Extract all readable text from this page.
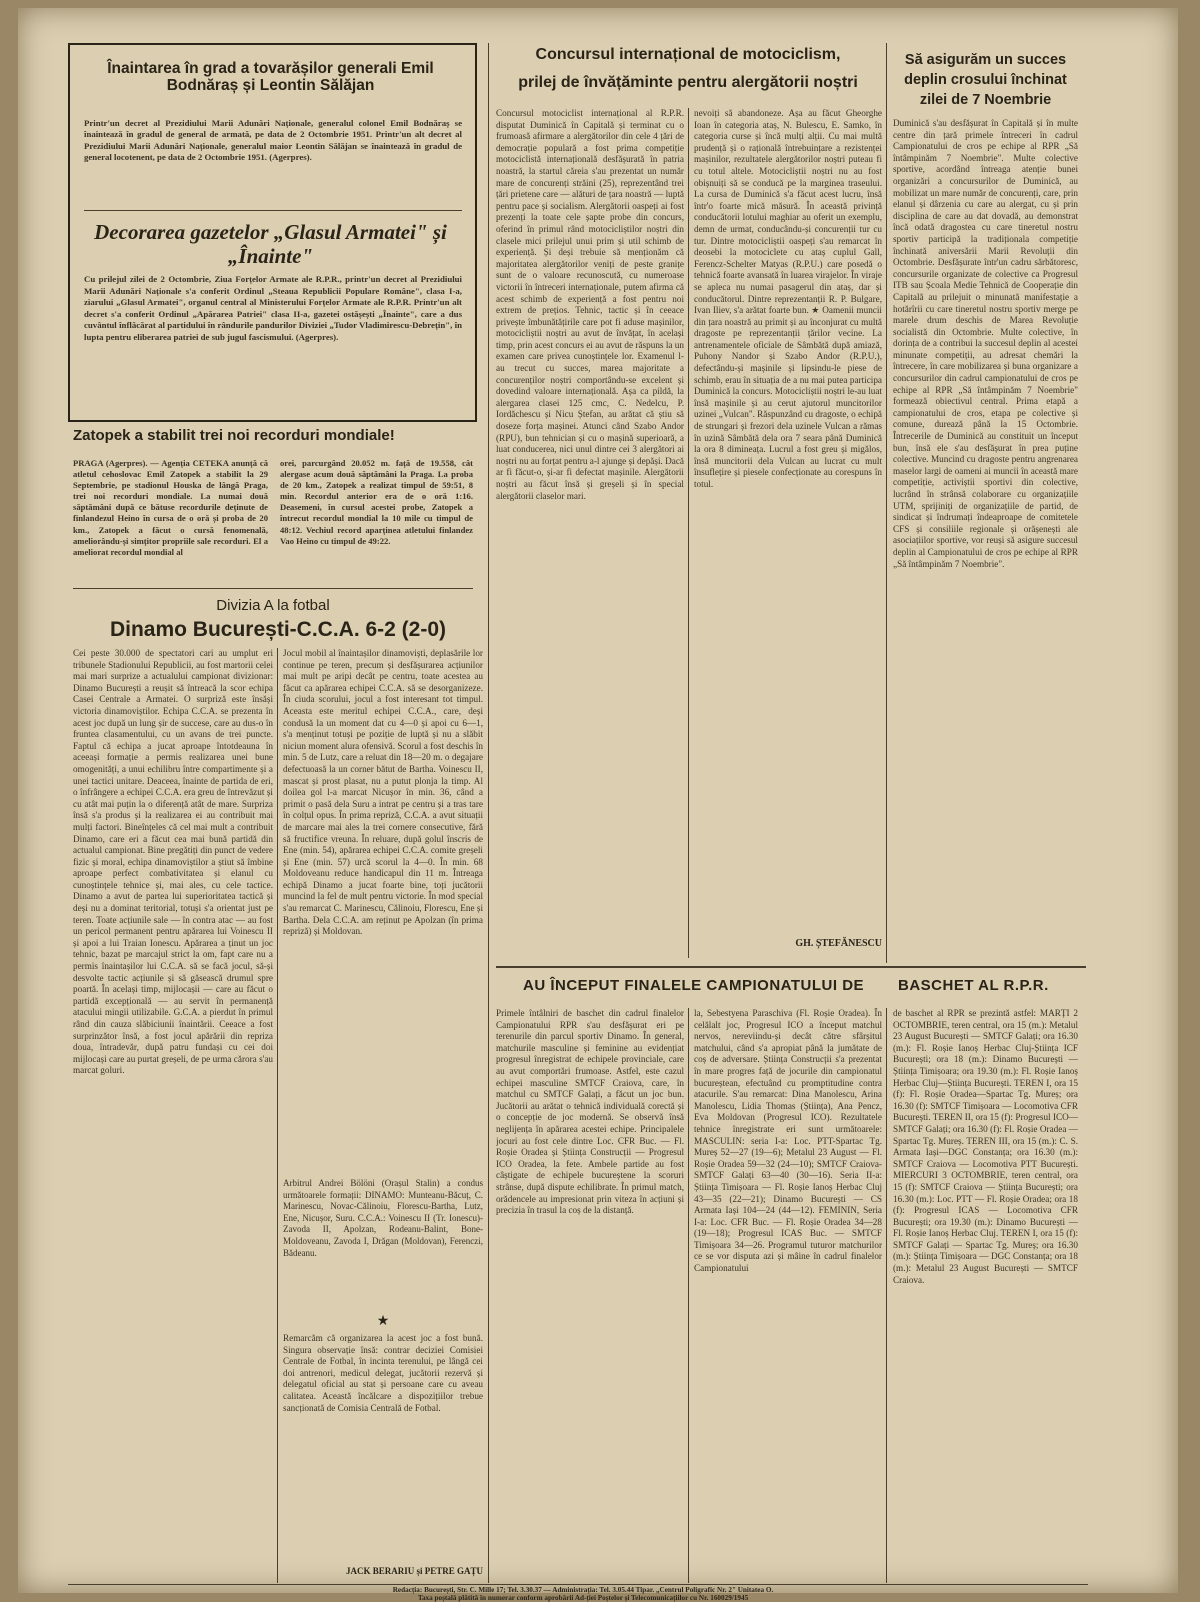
Înaintarea în grad a tovarășilor generali Emil Bodnăraș și Leontin Sălăjan
Printr'un decret al Prezidiului Marii Adunări Naționale, generalul colonel Emil Bodnăraș se înaintează în gradul de general de armată, pe data de 2 Octombrie 1951. Printr'un alt decret al Prezidiului Marii Adunări Naționale, generalul maior Leontin Sălăjan se înaintează în gradul de general locotenent, pe data de 2 Octombrie 1951. (Agerpres).
Decorarea gazetelor „Glasul Armatei" și „Înainte"
Cu prilejul zilei de 2 Octombrie, Ziua Forțelor Armate ale R.P.R., printr'un decret al Prezidiului Marii Adunări Naționale s'a conferit Ordinul „Steaua Republicii Populare Române", clasa I-a, ziarului „Glasul Armatei", organul central al Ministerului Forțelor Armate ale R.P.R. Printr'un alt decret s'a conferit Ordinul „Apărarea Patriei" clasa II-a, gazetei ostășești „Înainte", care a dus cuvântul înflăcărat al partidului în rândurile pandurilor Diviziei „Tudor Vladimirescu-Debrețin", în lupta pentru eliberarea patriei de sub jugul fascismului. (Agerpres).
Zatopek a stabilit trei noi recorduri mondiale!
PRAGA (Agerpres). — Agenția CETEKA anunță că atletul cehoslovac Emil Zatopek a stabilit la 29 Septembrie, pe stadionul Houska de lângă Praga, trei noi recorduri mondiale. La numai două săptămâni după ce bătuse recordurile deținute de finlandezul Heino în cursa de o oră și proba de 20 km., Zatopek a făcut o cursă fenomenală, ameliorându-și simțitor propriile sale recorduri. El a ameliorat recordul mondial al
orei, parcurgând 20.052 m. față de 19.558, cât alergase acum două săptămâni la Praga. La proba de 20 km., Zatopek a realizat timpul de 59:51, 8 min. Recordul anterior era de o oră 1:16. Deasemeni, în cursul acestei probe, Zatopek a întrecut recordul mondial la 10 mile cu timpul de 48:12. Vechiul record aparținea atletului finlandez Vao Heino cu timpul de 49:22.
Divizia A la fotbal
Dinamo București-C.C.A. 6-2 (2-0)
Cei peste 30.000 de spectatori cari au umplut eri tribunele Stadionului Republicii, au fost martorii celei mai mari surprize a actualului campionat divizionar: Dinamo București a reușit să întreacă la scor echipa Casei Centrale a Armatei. O surpriză este însăși victoria dinamoviștilor. Echipa C.C.A. se prezenta în acest joc după un lung șir de succese, care au dus-o în fruntea clasamentului, cu un avans de trei puncte. Faptul că echipa a jucat aproape întotdeauna în aceeași formație a permis realizarea unei bune omogenități, a unui echilibru între compartimente și a unei tactici unitare. Deaceea, înainte de partida de eri, o înfrângere a echipei C.C.A. era greu de întrevăzut și cu atât mai puțin la o diferență atât de mare. Surpriza însă s'a produs și la realizarea ei au contribuit mai mulți factori. Bineînțeles că cel mai mult a contribuit Dinamo, care eri a făcut cea mai bună partidă din actualul campionat. Bine pregătiți din punct de vedere fizic și moral, echipa dinamoviștilor a știut să îmbine aproape perfect combativitatea și elanul cu cunoștințele tehnice și, mai ales, cu cele tactice. Dinamo a avut de partea lui superioritatea tactică și deși nu a dominat teritorial, totuși s'a orientat just pe teren. Toate acțiunile sale — în contra atac — au fost un pericol permanent pentru apărarea lui Voinescu II și apoi a lui Traian Ionescu. Apărarea a ținut un joc tehnic, bazat pe marcajul strict la om, fapt care nu a permis înaintașilor lui C.C.A. să se facă jocul, să-și desvolte tactic acțiunile și să găsească drumul spre poartă. În același timp, mijlocașii — care au făcut o partidă excepțională — au servit în permanență atacului mingii utilizabile. G.C.A. a pierdut în primul rând din cauza slăbiciunii înaintării. Ceeace a fost surprinzător însă, a fost jocul apărării din repriza doua, întradevăr, după patru fundași cu cei doi mijlocași care au purtat greșeli, de pe urma cărora s'au marcat goluri.
Jocul mobil al înaintașilor dinamoviști, deplasările lor continue pe teren, precum și desfășurarea acțiunilor mai mult pe aripi decât pe centru, toate acestea au făcut ca apărarea echipei C.C.A. să se desorganizeze. În ciuda scorului, jocul a fost interesant tot timpul. Aceasta este meritul echipei C.C.A., care, deși condusă la un moment dat cu 4—0 și apoi cu 6—1, s'a menținut totuși pe poziție de luptă și nu a slăbit niciun moment alura ofensivă. Scorul a fost deschis în min. 5 de Lutz, care a reluat din 18—20 m. o degajare defectuoasă la un corner bătut de Bartha. Voinescu II, mascat și prost plasat, nu a putut plonja la timp. Al doilea gol l-a marcat Nicușor în min. 36, când a primit o pasă dela Suru a intrat pe centru și a tras tare în colțul opus. În prima repriză, C.C.A. a avut situații de marcare mai ales la trei cornere consecutive, fără să fructifice vreuna. În reluare, după golul înscris de Ene (min. 54), apărarea echipei C.C.A. comite greșeli și Ene (min. 57) urcă scorul la 4—0. În min. 68 Moldoveanu reduce handicapul din 11 m. Întreaga echipă Dinamo a jucat foarte bine, toți jucătorii muncind la fel de mult pentru victorie. În mod special s'au remarcat C. Marinescu, Călinoiu, Florescu, Ene și Bartha. Dela C.C.A. am reținut pe Apolzan (în prima repriză) și Moldovan.
Arbitrul Andrei Bölöni (Orașul Stalin) a condus următoarele formații: DINAMO: Munteanu-Băcuț, C. Marinescu, Novac-Călinoiu, Florescu-Bartha, Lutz, Ene, Nicușor, Suru. C.C.A.: Voinescu II (Tr. Ionescu)-Zavoda II, Apolzan, Rodeanu-Balint, Bone-Moldoveanu, Zavoda I, Drăgan (Moldovan), Ferenczi, Bădeanu.
★
Remarcăm că organizarea la acest joc a fost bună. Singura observație însă: contrar deciziei Comisiei Centrale de Fotbal, în incinta terenului, pe lângă cei doi antrenori, medicul delegat, jucătorii rezervă și delegatul oficial au stat și persoane care cu aveau calitatea. Această încălcare a dispozițiilor trebue sancționată de Comisia Centrală de Fotbal.
JACK BERARIU și PETRE GAȚU
Concursul internațional de motociclism,
prilej de învățăminte pentru alergătorii noștri
Concursul motociclist internațional al R.P.R. disputat Duminică în Capitală și terminat cu o frumoasă afirmare a alergătorilor din cele 4 țări de democrație populară a fost prima competiție motociclistă internațională desfășurată în patria noastră, la startul căreia s'au prezentat un număr mare de concurenți străini (25), reprezentând trei țări prietene care — alături de țara noastră — luptă pentru pace și socialism. Alergătorii oaspeți ai fost prezenți la toate cele șapte probe din concurs, oferind în primul rând motocicliștilor noștri din clasele mici prilejul unui prim și util schimb de experiență. Și deși trebuie să menționăm că majoritatea alergătorilor veniți de peste granițe sunt de o valoare recunoscută, cu numeroase victorii în întreceri internaționale, putem afirma că acest schimb de experiență a fost pentru noi extrem de prețios. Tehnic, tactic și în ceeace privește îmbunătățirile care pot fi aduse mașinilor, motocicliștii noștri au avut de învățat, în același timp, prin acest concurs ei au avut de răspuns la un examen care privea cunoștințele lor. Examenul l-au trecut cu succes, marea majoritate a concurenților noștri comportându-se excelent și dovedind valoare internațională. Așa ca pildă, la alergarea clasei 125 cmc, C. Nedelcu, P. Iordăchescu și Nicu Ștefan, au arătat că știu să doseze forța mașinei. Atunci când Szabo Andor (RPU), bun tehnician și cu o mașină superioară, a luat conducerea, nici unul dintre cei 3 alergători ai noștri nu au forțat pentru a-l ajunge și depăși. Dacă ar fi făcut-o, și-ar fi defectat mașinile. Alergătorii noștri au făcut însă și greșeli și în special alergătorii claselor mari.
nevoiți să abandoneze. Așa au făcut Gheorghe Ioan în categoria ataș, N. Bulescu, E. Samko, în categoria curse și încă mulți alții. Cu mai multă prudență și o rațională întrebuințare a rezistenței mașinilor, rezultatele alergătorilor noștri puteau fi cu totul altele. Motocicliștii noștri nu au fost obișnuiți să se conducă pe la marginea traseului. La cursa de Duminică s'a făcut acest lucru, însă într'o foarte mică măsură. În această privință conducătorii lotului maghiar au oferit un exemplu, demn de urmat, conducându-și concurenții tur cu tur. Dintre motocicliștii oaspeți s'au remarcat în deosebi la motociclete cu ataș cuplul Gall, Ferencz-Schelter Matyas (R.P.U.) care posedă o tehnică foarte avansată în luarea virajelor. În viraje se apleca nu numai pasagerul din ataș, dar și conducătorul. Dintre reprezentanții R. P. Bulgare, Ivan Iliev, s'a arătat foarte bun. ★ Oamenii muncii din țara noastră au primit și au înconjurat cu multă dragoste pe reprezentanții țărilor vecine. La antrenamentele oficiale de Sâmbătă după amiază, Puhony Nandor și Szabo Andor (R.P.U.), defectându-și mașinile și lipsindu-le piese de schimb, erau în situația de a nu mai putea participa Duminică la concurs. Motocicliștii noștri le-au luat însă mașinile și au cerut ajutorul muncitorilor uzinei „Vulcan". Răspunzând cu dragoste, o echipă de strungari și frezori dela uzinele Vulcan a rămas în uzină Sâmbătă dela ora 7 seara până Duminică la ora 8 dimineața. Lucrul a fost greu și migălos, însă muncitorii dela Vulcan au lucrat cu mult însuflețire și piesele confecționate au corespuns în totul.
GH. ȘTEFĂNESCU
Să asigurăm un succes deplin crosului închinat zilei de 7 Noembrie
Duminică s'au desfășurat în Capitală și în multe centre din țară primele întreceri în cadrul Campionatului de cros pe echipe al RPR „Să întâmpinăm 7 Noembrie". Multe colective sportive, acordând întreaga atenție bunei organizări a concursurilor de Duminică, au mobilizat un mare număr de concurenți, care, prin elanul și dârzenia cu care au alergat, cu și prin disciplina de care au dat dovadă, au demonstrat încă odată dragostea cu care tineretul nostru sportiv participă la tradiționala competiție închinată aniversării Marii Revoluții din Octombrie. Desfășurate într'un cadru sărbătoresc, concursurile organizate de colective ca Progresul ITB sau Școala Medie Tehnică de Cooperație din Capitală au prilejuit o minunată manifestație a hotărîrii cu care tineretul nostru sportiv merge pe marele drum deschis de Marea Revoluție socialistă din Octombrie. Multe colective, în dorința de a contribui la succesul deplin al acestei minunate competiții, au adresat chemări la întrecere, în care mobilizarea și buna organizare a concursurilor din cadrul campionatului de cros pe echipe al RPR „Să întâmpinăm 7 Noembrie" formează obiectivul central. Prima etapă a campionatului de cros, etapa pe colective și comune, durează până la 15 Octombrie. Întrecerile de Duminică au constituit un început bun, însă ele s'au desfășurat în prea puține colective. Muncind cu dragoste pentru angrenarea maselor largi de oameni ai muncii în această mare competiție, activiștii sportivi din colective, lucrând în strânsă colaborare cu organizațiile UTM, sprijiniți de organizațiile de partid, de sindicat și îndrumați îndeaproape de comitetele CFS și consiliile regionale și orășenești ale asociațiilor sportive, vor reuși să asigure succesul deplin al Campionatului de cros pe echipe al RPR „Să întâmpinăm 7 Noembrie".
AU ÎNCEPUT FINALELE CAMPIONATULUI DE	BASCHET AL R.P.R.
Primele întâlniri de baschet din cadrul finalelor Campionatului RPR s'au desfășurat eri pe terenurile din parcul sportiv Dinamo. În general, matchurile masculine și feminine au evidențiat progresul înregistrat de echipele provinciale, care au avut comportări frumoase. Astfel, este cazul echipei masculine SMTCF Craiova, care, în matchul cu SMTCF Galați, a făcut un joc bun. Jucătorii au arătat o tehnică individuală corectă și o concepție de joc modernă. Se observă însă neglijența în apărarea acestei echipe. Principalele jocuri au fost cele dintre Loc. CFR Buc. — Fl. Roșie Oradea și Știința Construcții — Progresul ICO Oradea, la fete. Ambele partide au fost câștigate de echipele bucureștene la scoruri strânse, după dispute echilibrate. În primul match, orădencele au impresionat prin viteza în acțiuni și precizia în trasul la coș de la distanță.
la, Sebestyena Paraschiva (Fl. Roșie Oradea). În celălalt joc, Progresul ICO a început matchul nervos, nereviindu-și decât către sfârșitul matchului, când s'a apropiat până la jumătate de coș de adversare. Știința Construcții s'a prezentat în mare progres față de jocurile din campionatul bucureștean, efectuând cu promptitudine contra atacurile. S'au remarcat: Dina Manolescu, Arina Manolescu, Lidia Thomas (Știința), Ana Pencz, Eva Moldovan (Progresul ICO). Rezultatele tehnice înregistrate eri sunt următoarele: MASCULIN: seria I-a: Loc. PTT-Spartac Tg. Mureș 52—27 (19—6); Metalul 23 August — Fl. Roșie Oradea 59—32 (24—10); SMTCF Craiova-SMTCF Galați 63—40 (30—16). Seria II-a: Știința Timișoara — Fl. Roșie Ianoș Herbac Cluj 43—35 (22—21); Dinamo București — CS Armata Iași 104—24 (44—12). FEMININ, Seria I-a: Loc. CFR Buc. — Fl. Roșie Oradea 34—28 (19—18); Progresul ICAS Buc. — SMTCF Timișoara 34—26. Programul tuturor matchurilor ce se vor disputa azi și mâine în cadrul finalelor Campionatului
de baschet al RPR se prezintă astfel: MARȚI 2 OCTOMBRIE, teren central, ora 15 (m.): Metalul 23 August București — SMTCF Galați; ora 16.30 (m.): Fl. Roșie Ianoș Herbac Cluj-Știința ICF București; ora 18 (m.): Dinamo București — Știința Timișoara; ora 19.30 (m.): Fl. Roșie Ianoș Herbac Cluj—Știința București. TEREN I, ora 15 (f): Fl. Roșie Oradea—Spartac Tg. Mureș; ora 16.30 (f): SMTCF Timișoara — Locomotiva CFR București. TEREN II, ora 15 (f): Progresul ICO—SMTCF Galați; ora 16.30 (f): Fl. Roșie Oradea — Spartac Tg. Mureș. TEREN III, ora 15 (m.): C. S. Armata Iași—DGC Constanța; ora 16.30 (m.): SMTCF Craiova — Locomotiva PTT București. MIERCURI 3 OCTOMBRIE, teren central, ora 15 (f): SMTCF Craiova — Știința București; ora 16.30 (m.): Loc. PTT — Fl. Roșie Oradea; ora 18 (f): Progresul ICAS — Locomotiva CFR București; ora 19.30 (m.): Dinamo București — Fl. Roșie Ianoș Herbac Cluj. TEREN I, ora 15 (f): SMTCF Galați — Spartac Tg. Mureș; ora 16.30 (m.): Știința Timișoara — DGC Constanța; ora 18 (m.): Metalul 23 August București — SMTCF Craiova.
Redacția: București, Str. C. Mille 17; Tel. 3.30.37 — Administrația: Tel. 3.05.44 Tipar. „Centrul Poligrafic Nr. 2" Unitatea O.
Taxa poștală plătită în numerar conform aprobării Ad-ției Poștelor și Telecomunicațiilor cu Nr. 160029/1945
